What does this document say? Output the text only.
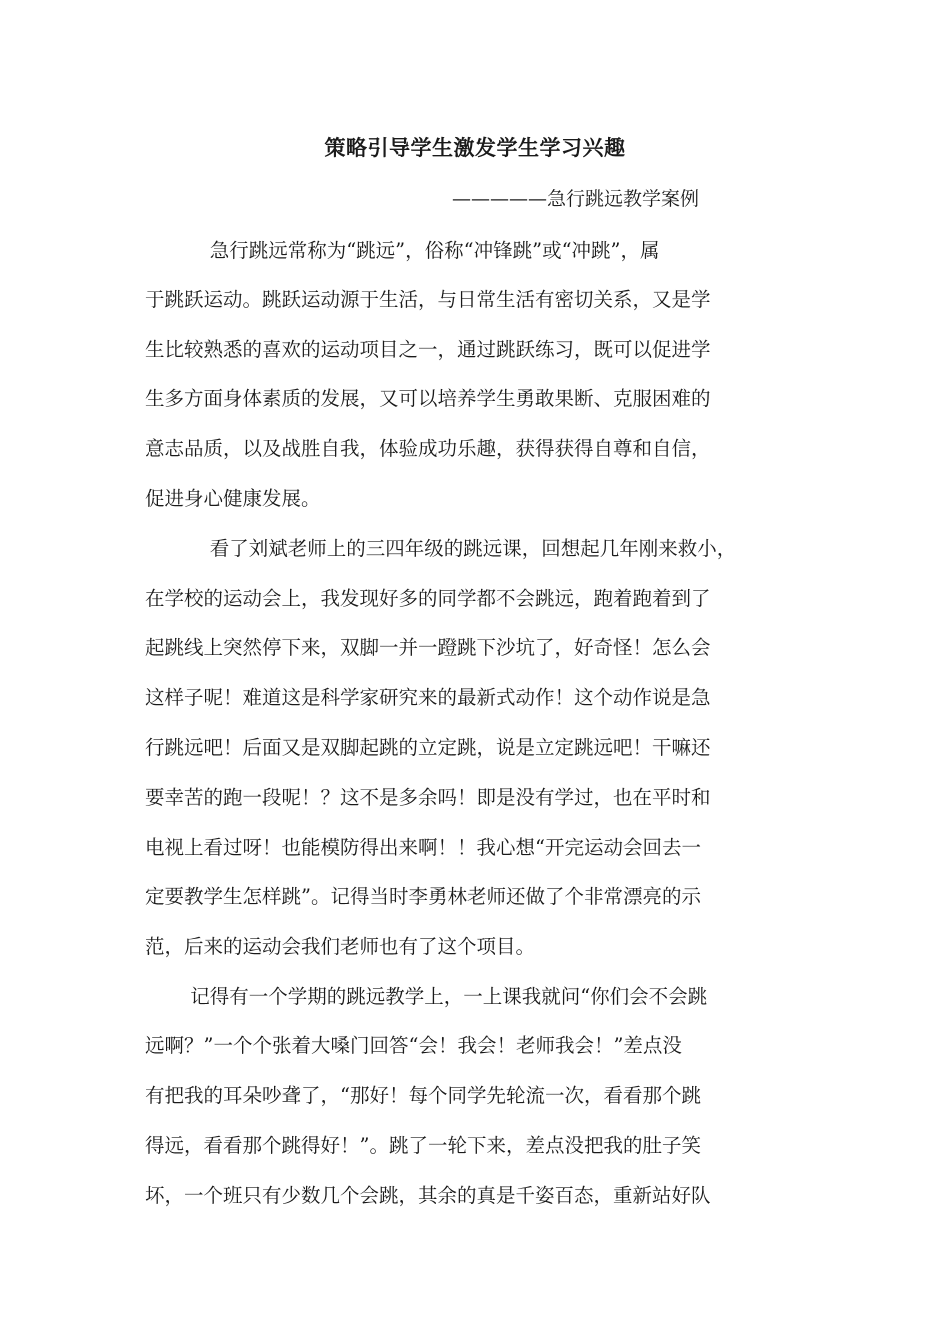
策略引导学生激发学生学习兴趣
—————急行跳远教学案例
　　　 急行跳远常称为“跳远”，俗称“冲锋跳”或“冲跳”，属
于跳跃运动。跳跃运动源于生活，与日常生活有密切关系，又是学
生比较熟悉的喜欢的运动项目之一，通过跳跃练习，既可以促进学
生多方面身体素质的发展，又可以培养学生勇敢果断、克服困难的
意志品质，以及战胜自我，体验成功乐趣，获得获得自尊和自信，
促进身心健康发展。
　　　 看了刘斌老师上的三四年级的跳远课，回想起几年刚来救小，
在学校的运动会上，我发现好多的同学都不会跳远，跑着跑着到了
起跳线上突然停下来，双脚一并一蹬跳下沙坑了，好奇怪！怎么会
这样子呢！难道这是科学家研究来的最新式动作！这个动作说是急
行跳远吧！后面又是双脚起跳的立定跳，说是立定跳远吧！干嘛还
要幸苦的跑一段呢！？这不是多余吗！即是没有学过，也在平时和
电视上看过呀！也能模防得出来啊！！我心想“开完运动会回去一
定要教学生怎样跳”。记得当时李勇林老师还做了个非常漂亮的示
范，后来的运动会我们老师也有了这个项目。
　　 记得有一个学期的跳远教学上，一上课我就问“你们会不会跳
远啊？”一个个张着大嗓门回答“会！我会！老师我会！”差点没
有把我的耳朵吵聋了，“那好！每个同学先轮流一次，看看那个跳
得远，看看那个跳得好！”。跳了一轮下来，差点没把我的肚子笑
坏，一个班只有少数几个会跳，其余的真是千姿百态，重新站好队
